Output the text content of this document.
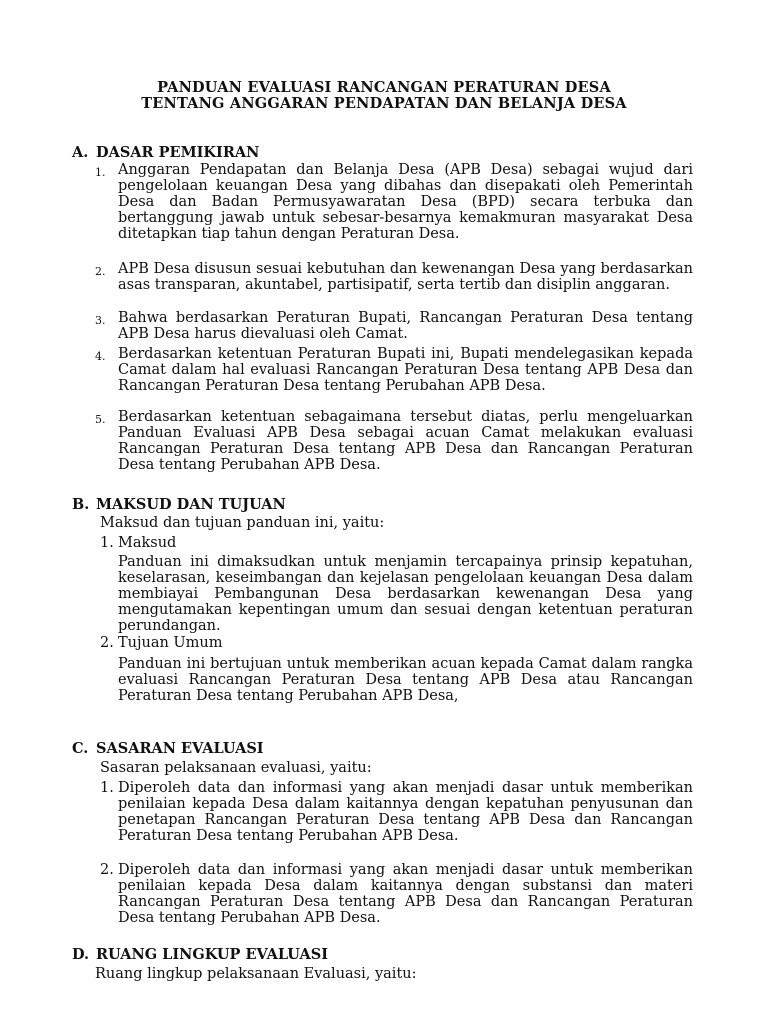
PANDUAN EVALUASI RANCANGAN PERATURAN DESA
TENTANG ANGGARAN PENDAPATAN DAN BELANJA DESA
A. DASAR PEMIKIRAN
1. Anggaran Pendapatan dan Belanja Desa (APB Desa) sebagai wujud dari pengelolaan keuangan Desa yang dibahas dan disepakati oleh Pemerintah Desa dan Badan Permusyawaratan Desa (BPD) secara terbuka dan bertanggung jawab untuk sebesar-besarnya kemakmuran masyarakat Desa ditetapkan tiap tahun dengan Peraturan Desa.
2. APB Desa disusun sesuai kebutuhan dan kewenangan Desa yang berdasarkan asas transparan, akuntabel, partisipatif, serta tertib dan disiplin anggaran.
3. Bahwa berdasarkan Peraturan Bupati, Rancangan Peraturan Desa tentang APB Desa harus dievaluasi oleh Camat.
4. Berdasarkan ketentuan Peraturan Bupati ini, Bupati mendelegasikan kepada Camat dalam hal evaluasi Rancangan Peraturan Desa tentang APB Desa dan Rancangan Peraturan Desa tentang Perubahan APB Desa.
5. Berdasarkan ketentuan sebagaimana tersebut diatas, perlu mengeluarkan Panduan Evaluasi APB Desa sebagai acuan Camat melakukan evaluasi Rancangan Peraturan Desa tentang APB Desa dan Rancangan Peraturan Desa tentang Perubahan APB Desa.
B. MAKSUD DAN TUJUAN
Maksud dan tujuan panduan ini, yaitu:
1. Maksud
Panduan ini dimaksudkan untuk menjamin tercapainya prinsip kepatuhan, keselarasan, keseimbangan dan kejelasan pengelolaan keuangan Desa dalam membiayai Pembangunan Desa berdasarkan kewenangan Desa yang mengutamakan kepentingan umum dan sesuai dengan ketentuan peraturan perundangan.
2. Tujuan Umum
Panduan ini bertujuan untuk memberikan acuan kepada Camat dalam rangka evaluasi Rancangan Peraturan Desa tentang APB Desa atau Rancangan Peraturan Desa tentang Perubahan APB Desa,
C. SASARAN EVALUASI
Sasaran pelaksanaan evaluasi, yaitu:
1. Diperoleh data dan informasi yang akan menjadi dasar untuk memberikan penilaian kepada Desa dalam kaitannya dengan kepatuhan penyusunan dan penetapan Rancangan Peraturan Desa tentang APB Desa dan Rancangan Peraturan Desa tentang Perubahan APB Desa.
2. Diperoleh data dan informasi yang akan menjadi dasar untuk memberikan penilaian kepada Desa dalam kaitannya dengan substansi dan materi Rancangan Peraturan Desa tentang APB Desa dan Rancangan Peraturan Desa tentang Perubahan APB Desa.
D. RUANG LINGKUP EVALUASI
Ruang lingkup pelaksanaan Evaluasi, yaitu:
